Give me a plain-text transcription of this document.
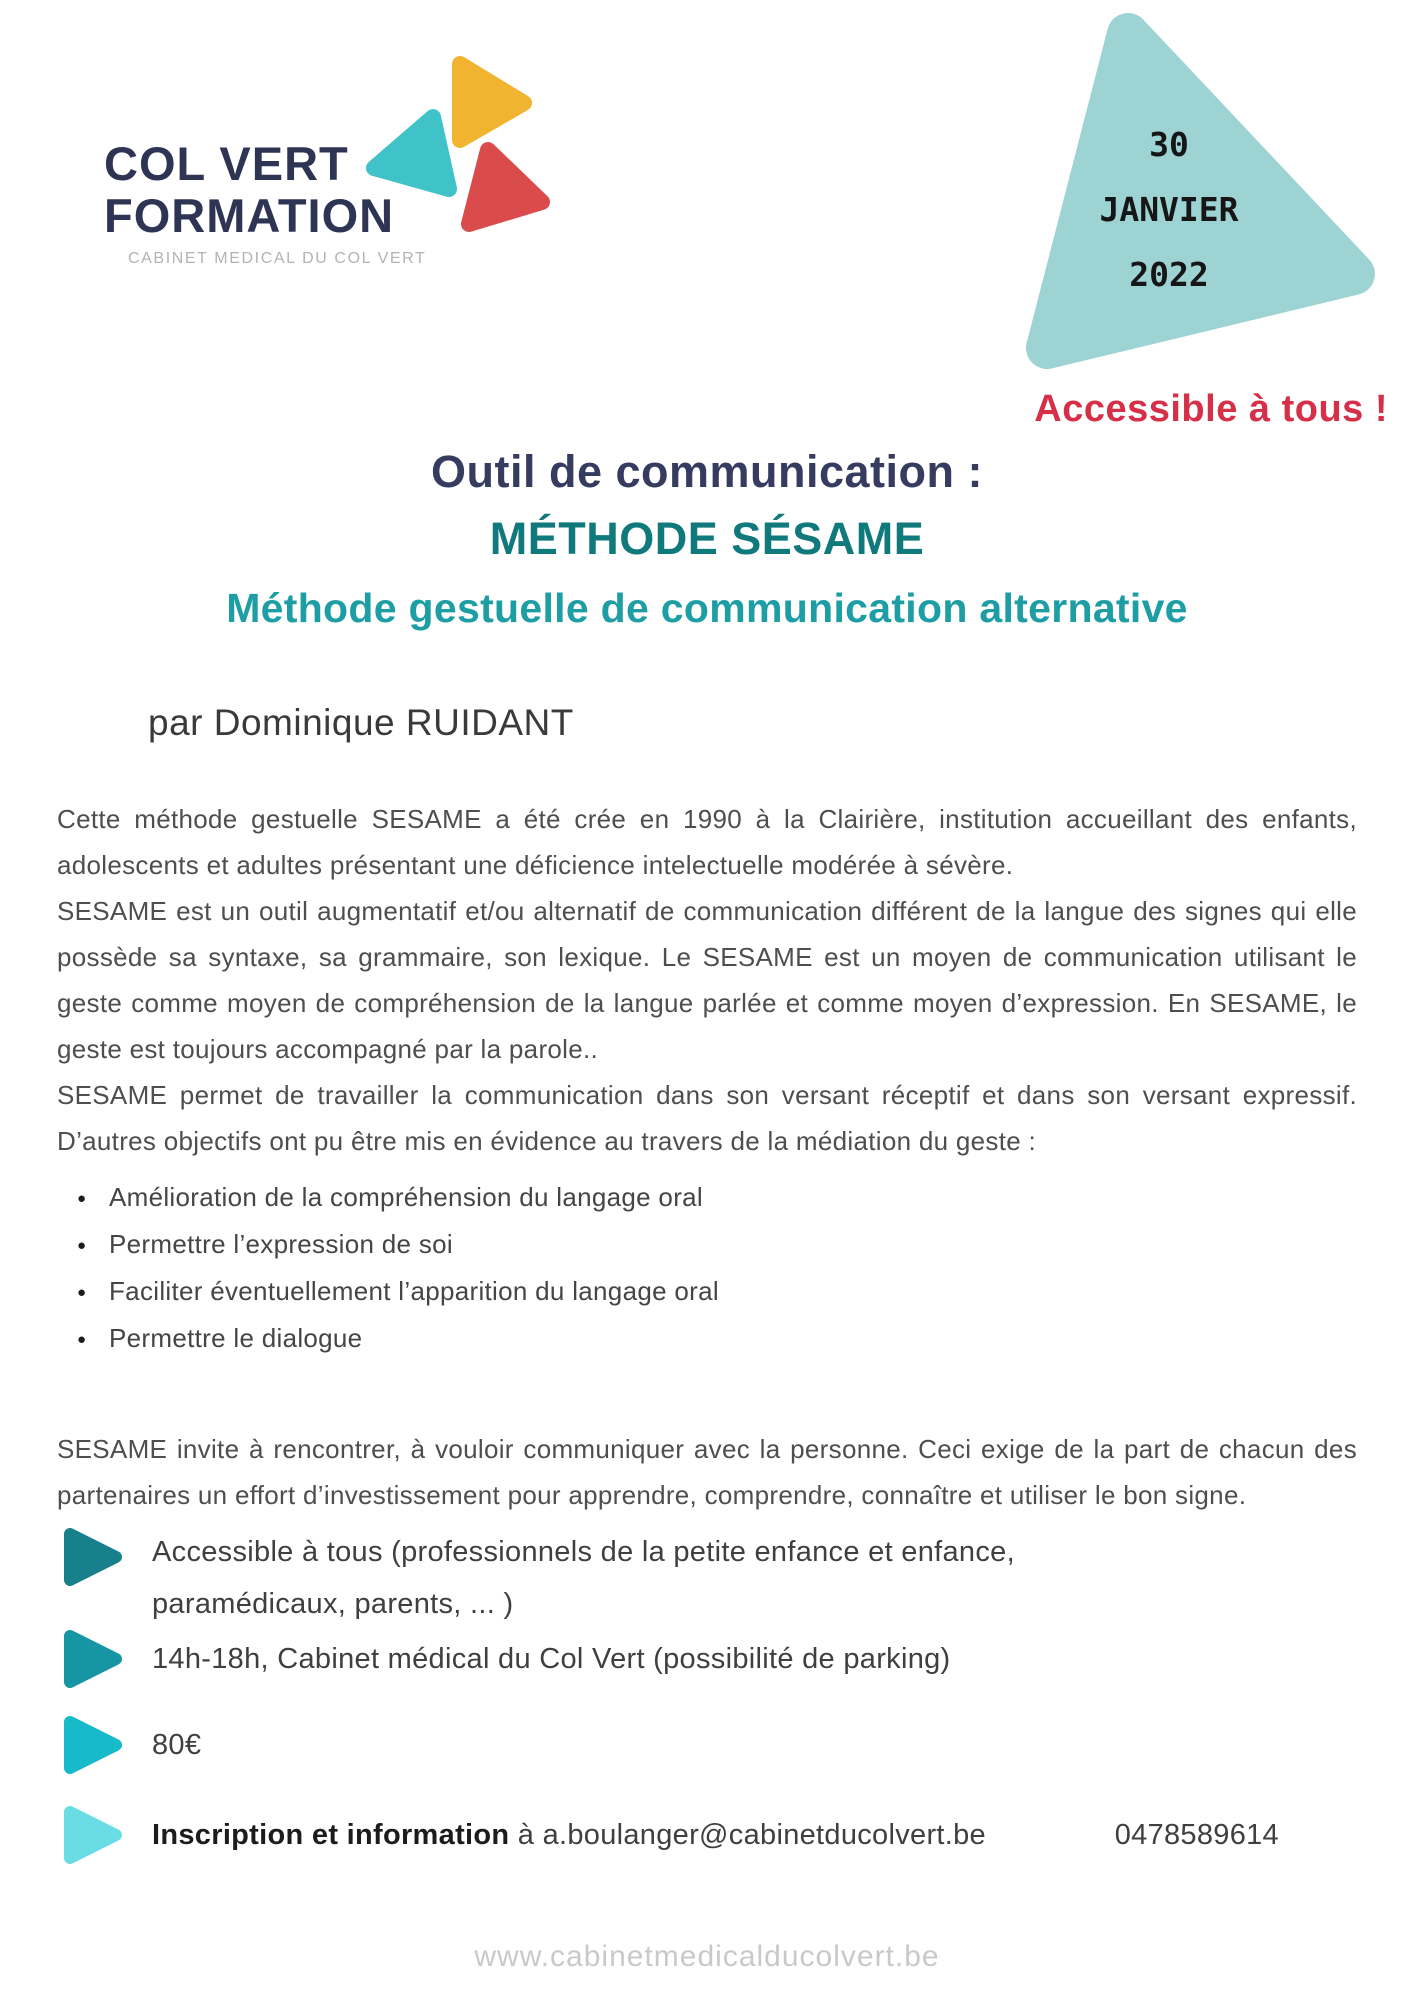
COL VERT
FORMATION
CABINET MEDICAL DU COL VERT
30
JANVIER
2022
Accessible à tous !
Outil de communication :
MÉTHODE SÉSAME
Méthode gestuelle de communication alternative
par Dominique RUIDANT

Cette méthode gestuelle SESAME a été crée en 1990 à la Clairière, institution accueillant des enfants, adolescents et adultes présentant une déficience intelectuelle modérée à sévère.

SESAME est un outil augmentatif et/ou alternatif de communication différent de la langue des signes qui elle possède sa syntaxe, sa grammaire, son lexique. Le SESAME est un moyen de communication utilisant le geste comme moyen de compréhension de la langue parlée et comme moyen d’expression. En SESAME, le geste est toujours accompagné par la parole..

SESAME permet de travailler la communication dans son versant réceptif et dans son versant expressif. D’autres objectifs ont pu être mis en évidence au travers de la médiation du geste :

● Amélioration de la compréhension du langage oral
● Permettre l’expression de soi
● Faciliter éventuellement l’apparition du langage oral
● Permettre le dialogue

SESAME invite à rencontrer, à vouloir communiquer avec la personne. Ceci exige de la part de chacun des partenaires un effort d’investissement pour apprendre, comprendre, connaître et utiliser le bon signe.

Accessible à tous (professionnels de la petite enfance et enfance, paramédicaux, parents, ... )
14h-18h, Cabinet médical du Col Vert (possibilité de parking)
80€
Inscription et information à a.boulanger@cabinetducolvert.be	0478589614
www.cabinetmedicalducolvert.be
